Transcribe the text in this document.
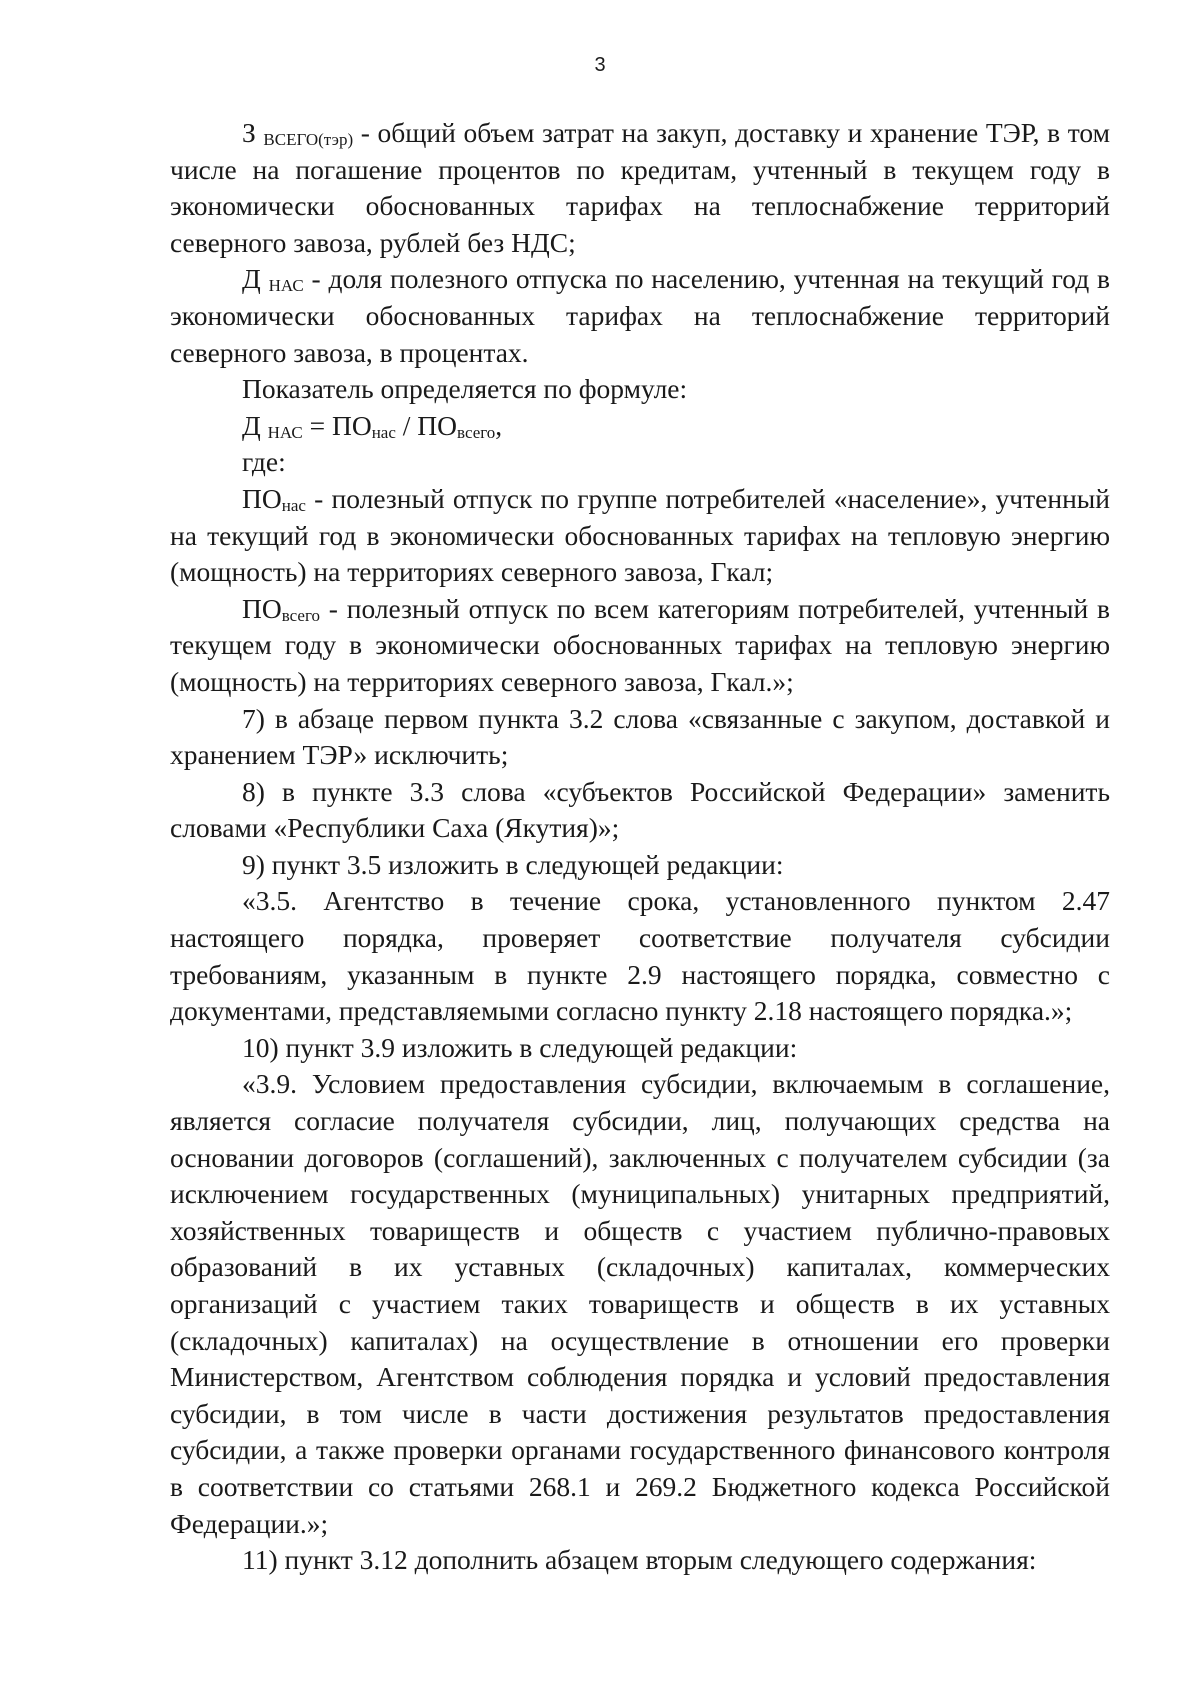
3

З ВСЕГО(тэр) - общий объем затрат на закуп, доставку и хранение ТЭР, в том числе на погашение процентов по кредитам, учтенный в текущем году в экономически обоснованных тарифах на теплоснабжение территорий северного завоза, рублей без НДС;

Д НАС - доля полезного отпуска по населению, учтенная на текущий год в экономически обоснованных тарифах на теплоснабжение территорий северного завоза, в процентах.

Показатель определяется по формуле:

Д НАС = ПОнас / ПОвсего,

где:

ПОнас - полезный отпуск по группе потребителей «население», учтенный на текущий год в экономически обоснованных тарифах на тепловую энергию (мощность) на территориях северного завоза, Гкал;

ПОвсего - полезный отпуск по всем категориям потребителей, учтенный в текущем году в экономически обоснованных тарифах на тепловую энергию (мощность) на территориях северного завоза, Гкал.»;

7) в абзаце первом пункта 3.2 слова «связанные с закупом, доставкой и хранением ТЭР» исключить;

8) в пункте 3.3 слова «субъектов Российской Федерации» заменить словами «Республики Саха (Якутия)»;

9) пункт 3.5 изложить в следующей редакции:

«3.5. Агентство в течение срока, установленного пунктом 2.47 настоящего порядка, проверяет соответствие получателя субсидии требованиям, указанным в пункте 2.9 настоящего порядка, совместно с документами, представляемыми согласно пункту 2.18 настоящего порядка.»;

10) пункт 3.9 изложить в следующей редакции:

«3.9. Условием предоставления субсидии, включаемым в соглашение, является согласие получателя субсидии, лиц, получающих средства на основании договоров (соглашений), заключенных с получателем субсидии (за исключением государственных (муниципальных) унитарных предприятий, хозяйственных товариществ и обществ с участием публично-правовых образований в их уставных (складочных) капиталах, коммерческих организаций с участием таких товариществ и обществ в их уставных (складочных) капиталах) на осуществление в отношении его проверки Министерством, Агентством соблюдения порядка и условий предоставления субсидии, в том числе в части достижения результатов предоставления субсидии, а также проверки органами государственного финансового контроля в соответствии со статьями 268.1 и 269.2 Бюджетного кодекса Российской Федерации.»;

11) пункт 3.12 дополнить абзацем вторым следующего содержания:
